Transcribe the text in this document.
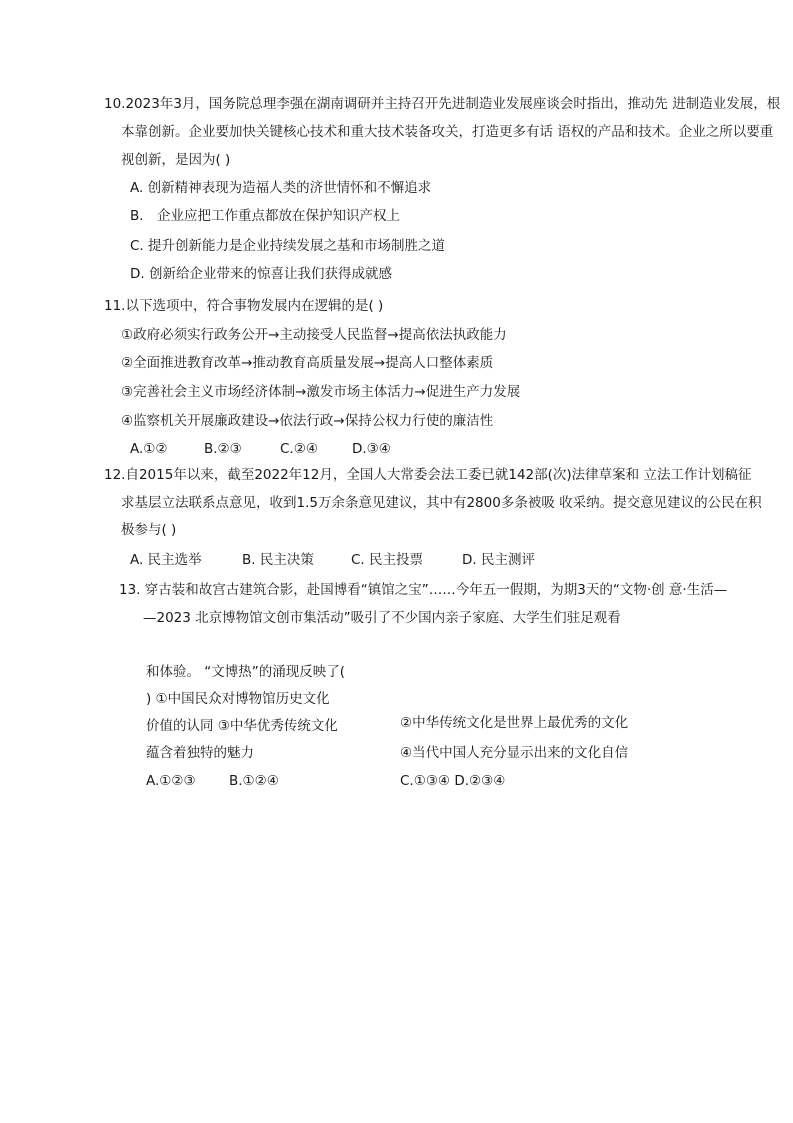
10.2023年3月，国务院总理李强在湖南调研并主持召开先进制造业发展座谈会时指出，推动先 进制造业发展，根
本靠创新。企业要加快关键核心技术和重大技术装备攻关，打造更多有话 语权的产品和技术。企业之所以要重
视创新，是因为( )
A. 创新精神表现为造福人类的济世情怀和不懈追求
B． 企业应把工作重点都放在保护知识产权上
C. 提升创新能力是企业持续发展之基和市场制胜之道
D. 创新给企业带来的惊喜让我们获得成就感
11.以下选项中，符合事物发展内在逻辑的是( )
①政府必须实行政务公开→主动接受人民监督→提高依法执政能力
②全面推进教育改革→推动教育高质量发展→提高人口整体素质
③完善社会主义市场经济体制→激发市场主体活力→促进生产力发展
④监察机关开展廉政建设→依法行政→保持公权力行使的廉洁性
A.①②	B.②③	C.②④	D.③④
12.自2015年以来，截至2022年12月，全国人大常委会法工委已就142部(次)法律草案和 立法工作计划稿征
求基层立法联系点意见，收到1.5万余条意见建议，其中有2800多条被吸 收采纳。提交意见建议的公民在积
极参与( )
A. 民主选举	B. 民主决策	C. 民主投票	D. 民主测评
13. 穿古装和故宫古建筑合影，赴国博看“镇馆之宝”……今年五一假期，为期3天的“文物·创 意·生活—
—2023 北京博物馆文创市集活动”吸引了不少国内亲子家庭、大学生们驻足观看
和体验。 “文博热”的涌现反映了(
) ①中国民众对博物馆历史文化
价值的认同 ③中华优秀传统文化
蕴含着独特的魅力
②中华传统文化是世界上最优秀的文化
④当代中国人充分显示出来的文化自信
A.①②③ B.①②④	C.①③④ D.②③④
